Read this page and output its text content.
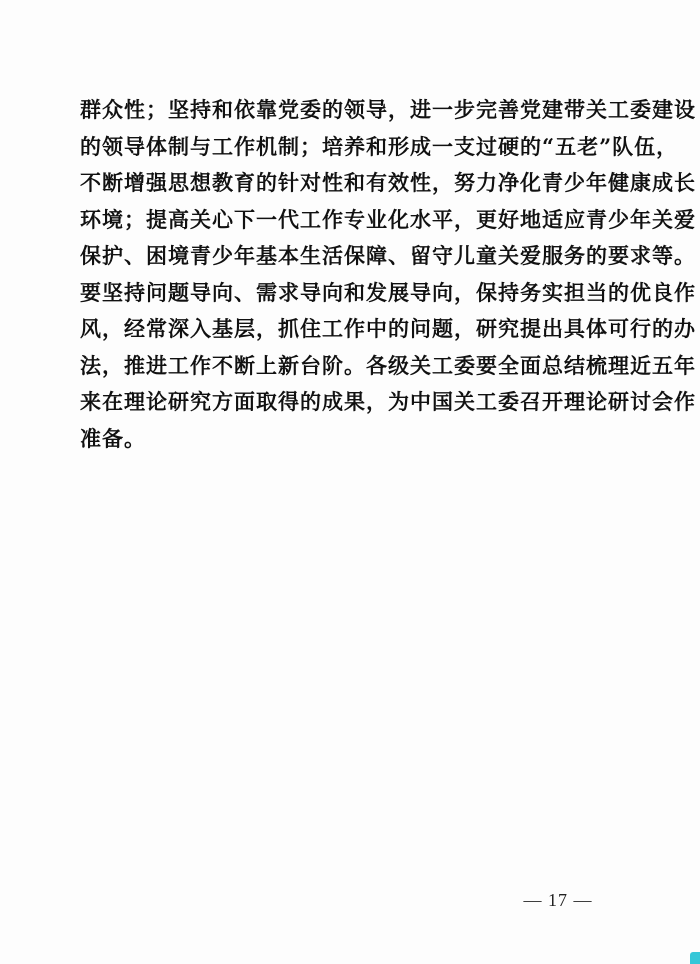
群众性；坚持和依靠党委的领导，进一步完善党建带关工委建设
的领导体制与工作机制；培养和形成一支过硬的“五老”队伍，
不断增强思想教育的针对性和有效性，努力净化青少年健康成长
环境；提高关心下一代工作专业化水平，更好地适应青少年关爱
保护、困境青少年基本生活保障、留守儿童关爱服务的要求等。
要坚持问题导向、需求导向和发展导向，保持务实担当的优良作
风，经常深入基层，抓住工作中的问题，研究提出具体可行的办
法，推进工作不断上新台阶。各级关工委要全面总结梳理近五年
来在理论研究方面取得的成果，为中国关工委召开理论研讨会作
准备。
— 17 —
